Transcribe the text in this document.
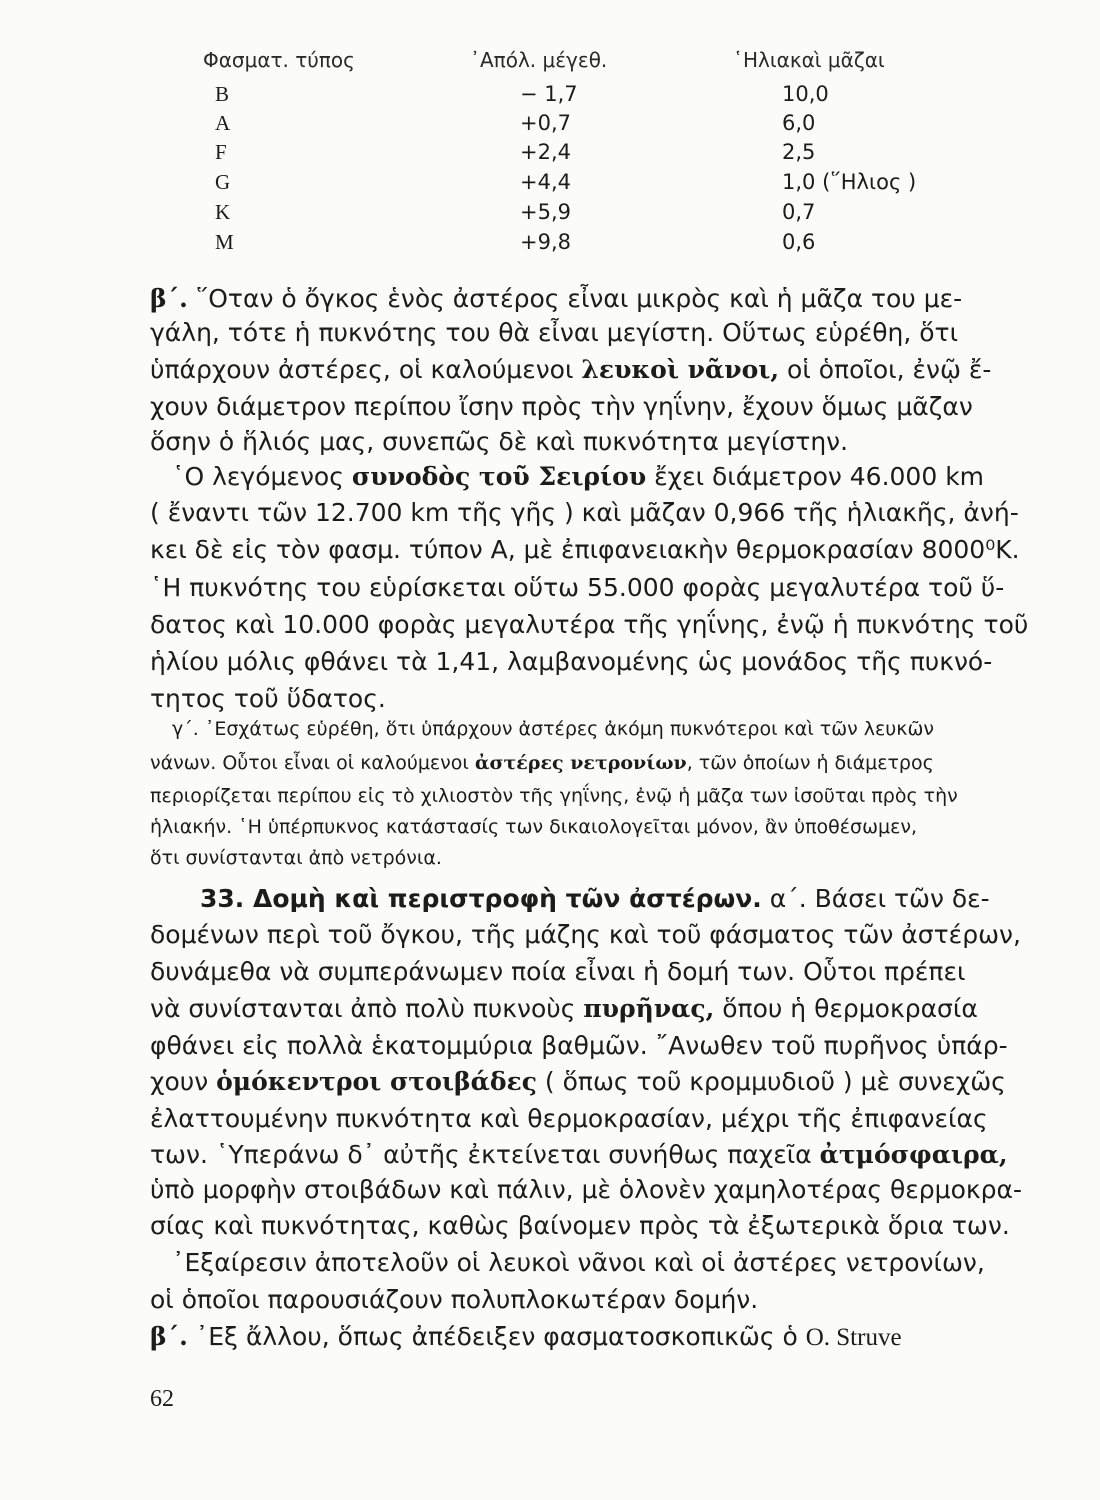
Φασματ. τύπος	᾿Απόλ. μέγεθ.	῾Ηλιακαὶ μᾶζαι
B	− 1,7	10,0
A	+0,7	6,0
F	+2,4	2,5
G	+4,4	1,0 (῞Ηλιος )
K	+5,9	0,7
M	+9,8	0,6
β΄. ῞Οταν ὁ ὄγκος ἑνὸς ἀστέρος εἶναι μικρὸς καὶ ἡ μᾶζα του με-
γάλη, τότε ἡ πυκνότης του θὰ εἶναι μεγίστη. Οὕτως εὑρέθη, ὅτι
ὑπάρχουν ἀστέρες, οἱ καλούμενοι λευκοὶ νᾶνοι, οἱ ὁποῖοι, ἐνῷ ἔ-
χουν διάμετρον περίπου ἴσην πρὸς τὴν γηΐνην, ἔχουν ὅμως μᾶζαν
ὅσην ὁ ἥλιός μας, συνεπῶς δὲ καὶ πυκνότητα μεγίστην.
῾Ο λεγόμενος συνοδὸς τοῦ Σειρίου ἔχει διάμετρον 46.000 km
( ἔναντι τῶν 12.700 km τῆς γῆς ) καὶ μᾶζαν 0,966 τῆς ἡλιακῆς, ἀνή-
κει δὲ εἰς τὸν φασμ. τύπον Α, μὲ ἐπιφανειακὴν θερμοκρασίαν 8000⁰Κ.
῾Η πυκνότης του εὑρίσκεται οὕτω 55.000 φορὰς μεγαλυτέρα τοῦ ὕ-
δατος καὶ 10.000 φορὰς μεγαλυτέρα τῆς γηΐνης, ἐνῷ ἡ πυκνότης τοῦ
ἡλίου μόλις φθάνει τὰ 1,41, λαμβανομένης ὡς μονάδος τῆς πυκνό-
τητος τοῦ ὕδατος.
γ΄. ᾿Εσχάτως εὑρέθη, ὅτι ὑπάρχουν ἀστέρες ἀκόμη πυκνότεροι καὶ τῶν λευκῶν
νάνων. Οὗτοι εἶναι οἱ καλούμενοι ἀστέρες νετρονίων, τῶν ὁποίων ἡ διάμετρος
περιορίζεται περίπου εἰς τὸ χιλιοστὸν τῆς γηΐνης, ἐνῷ ἡ μᾶζα των ἰσοῦται πρὸς τὴν
ἡλιακήν. ῾Η ὑπέρπυκνος κατάστασίς των δικαιολογεῖται μόνον, ἂν ὑποθέσωμεν,
ὅτι συνίστανται ἀπὸ νετρόνια.
33. Δομὴ καὶ περιστροφὴ τῶν ἀστέρων. α΄. Βάσει τῶν δε-
δομένων περὶ τοῦ ὄγκου, τῆς μάζης καὶ τοῦ φάσματος τῶν ἀστέρων,
δυνάμεθα νὰ συμπεράνωμεν ποία εἶναι ἡ δομή των. Οὗτοι πρέπει
νὰ συνίστανται ἀπὸ πολὺ πυκνοὺς πυρῆνας, ὅπου ἡ θερμοκρασία
φθάνει εἰς πολλὰ ἑκατομμύρια βαθμῶν. ῎Ανωθεν τοῦ πυρῆνος ὑπάρ-
χουν ὁμόκεντροι στοιβάδες ( ὅπως τοῦ κρομμυδιοῦ ) μὲ συνεχῶς
ἐλαττουμένην πυκνότητα καὶ θερμοκρασίαν, μέχρι τῆς ἐπιφανείας
των. ῾Υπεράνω δ᾿ αὐτῆς ἐκτείνεται συνήθως παχεῖα ἀτμόσφαιρα,
ὑπὸ μορφὴν στοιβάδων καὶ πάλιν, μὲ ὁλονὲν χαμηλοτέρας θερμοκρα-
σίας καὶ πυκνότητας, καθὼς βαίνομεν πρὸς τὰ ἐξωτερικὰ ὅρια των.
᾿Εξαίρεσιν ἀποτελοῦν οἱ λευκοὶ νᾶνοι καὶ οἱ ἀστέρες νετρονίων,
οἱ ὁποῖοι παρουσιάζουν πολυπλοκωτέραν δομήν.
β΄. ᾿Εξ ἄλλου, ὅπως ἀπέδειξεν φασματοσκοπικῶς ὁ O. Struve
62
